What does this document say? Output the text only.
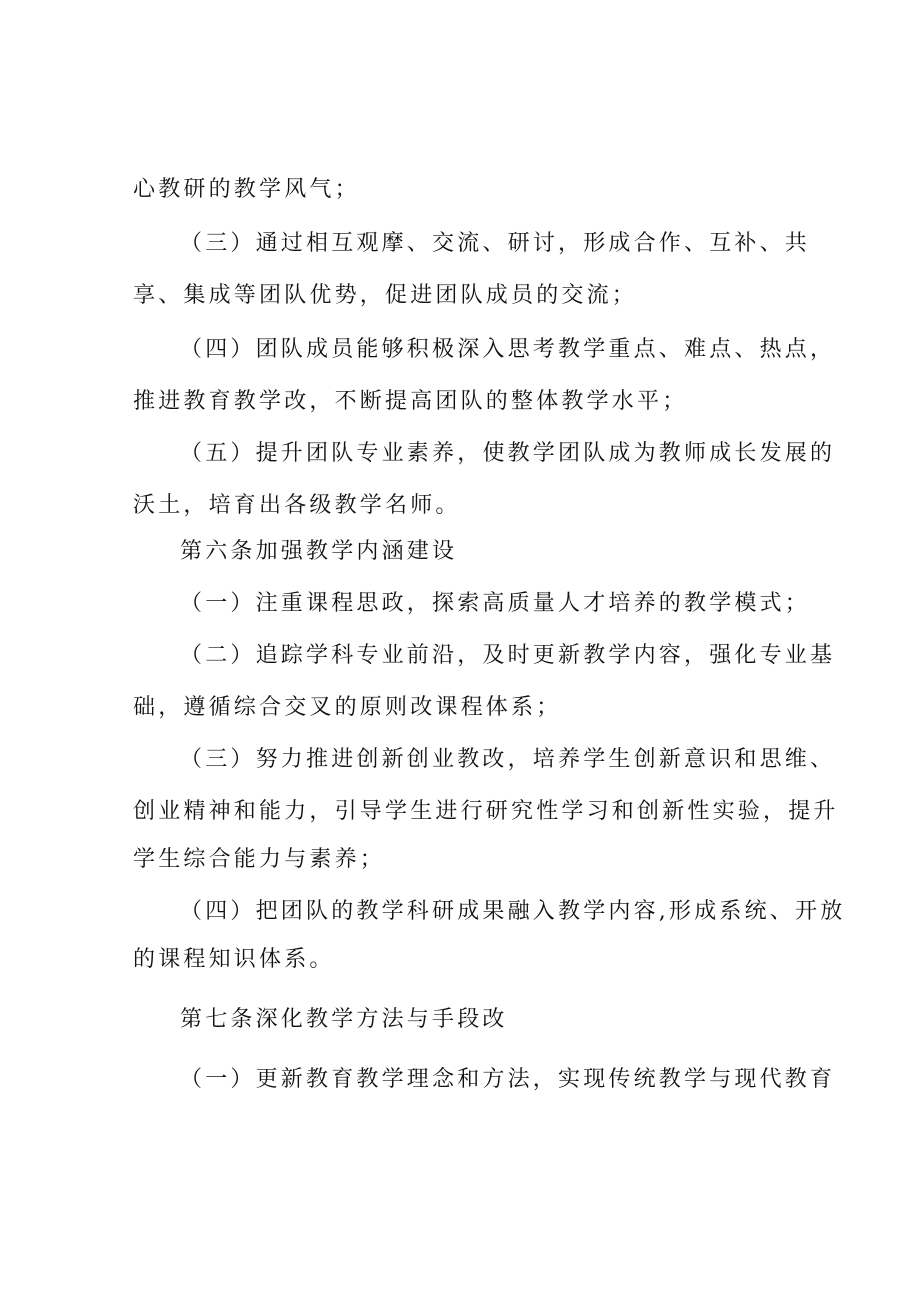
心教研的教学风气；
（三）通过相互观摩、交流、研讨，形成合作、互补、共
享、集成等团队优势，促进团队成员的交流；
（四）团队成员能够积极深入思考教学重点、难点、热点，
推进教育教学改，不断提高团队的整体教学水平；
（五）提升团队专业素养，使教学团队成为教师成长发展的
沃土，培育出各级教学名师。
第六条加强教学内涵建设
（一）注重课程思政，探索高质量人才培养的教学模式；
（二）追踪学科专业前沿，及时更新教学内容，强化专业基
础，遵循综合交叉的原则改课程体系；
（三）努力推进创新创业教改，培养学生创新意识和思维、
创业精神和能力，引导学生进行研究性学习和创新性实验，提升
学生综合能力与素养；
（四）把团队的教学科研成果融入教学内容,形成系统、开放
的课程知识体系。
第七条深化教学方法与手段改
（一）更新教育教学理念和方法，实现传统教学与现代教育
